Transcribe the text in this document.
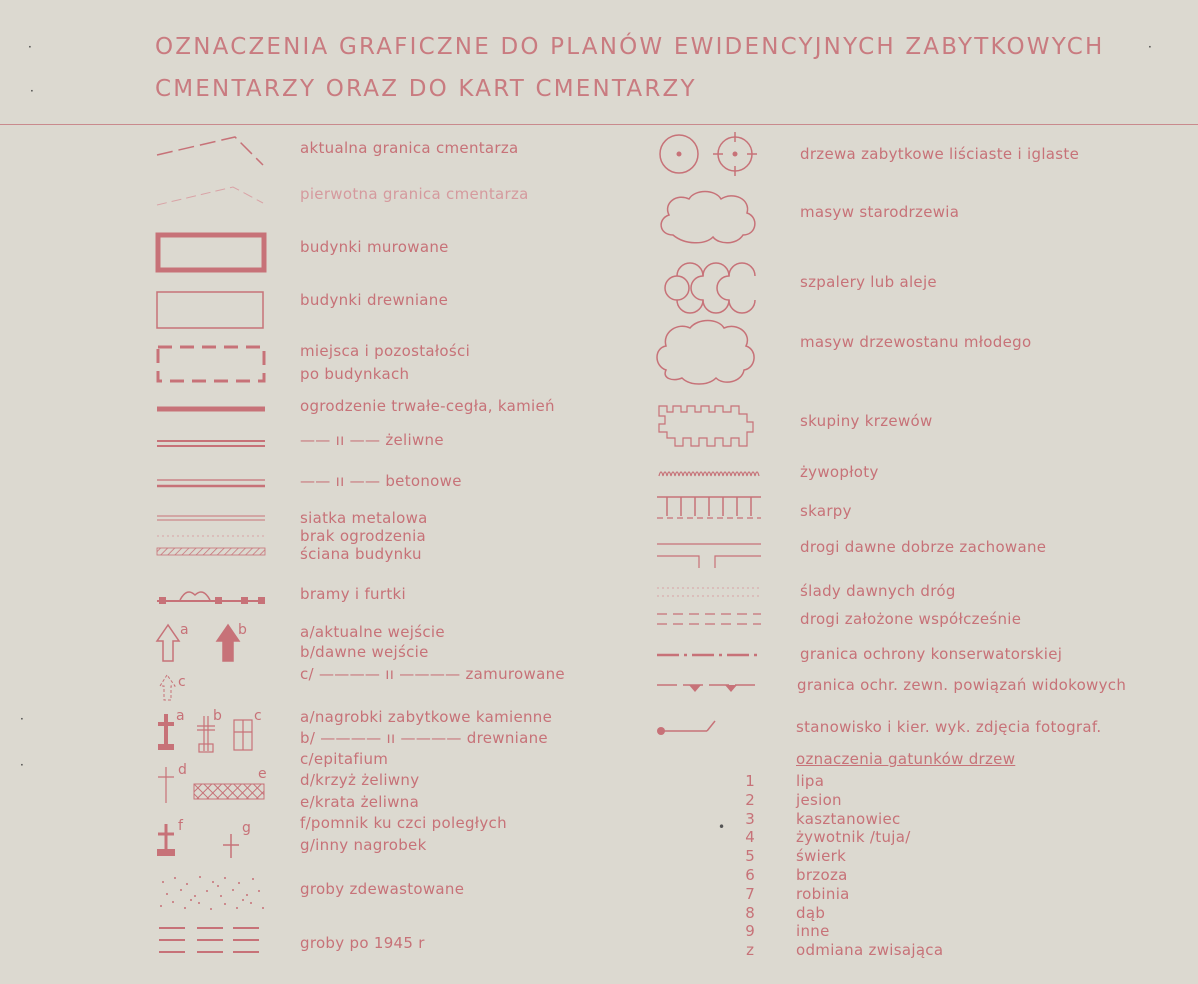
·
·
·
·
·
OZNACZENIA GRAFICZNE DO PLANÓW EWIDENCYJNYCH ZABYTKOWYCH
CMENTARZY ORAZ DO KART CMENTARZY
aktualna granica cmentarza
pierwotna granica cmentarza
budynki murowane
budynki drewniane
miejsca i pozostałości
po budynkach
ogrodzenie trwałe-cegła, kamień
—— ıı —— żeliwne
—— ıı —— betonowe
siatka metalowa
brak ogrodzenia
ściana budynku
bramy i furtki
a	b
c
a/aktualne wejście
b/dawne wejście
c/ ———— ıı ———— zamurowane
a b c
d	e
f	g
a/nagrobki zabytkowe kamienne
b/ ———— ıı ———— drewniane
c/epitafium
d/krzyż żeliwny
e/krata żeliwna
f/pomnik ku czci poległych
g/inny nagrobek
groby zdewastowane
groby po 1945 r
drzewa zabytkowe liściaste i iglaste
masyw starodrzewia
szpalery lub aleje
masyw drzewostanu młodego
skupiny krzewów
żywopłoty
skarpy
drogi dawne dobrze zachowane
ślady dawnych dróg
drogi założone współcześnie
granica ochrony konserwatorskiej
granica ochr. zewn. powiązań widokowych
stanowisko i kier. wyk. zdjęcia fotograf.
oznaczenia gatunków drzew
1	lipa
2	jesion
3	kasztanowiec
4	żywotnik /tuja/
5	świerk
6	brzoza
7	robinia
8	dąb
9	inne
z	odmiana zwisająca
•
